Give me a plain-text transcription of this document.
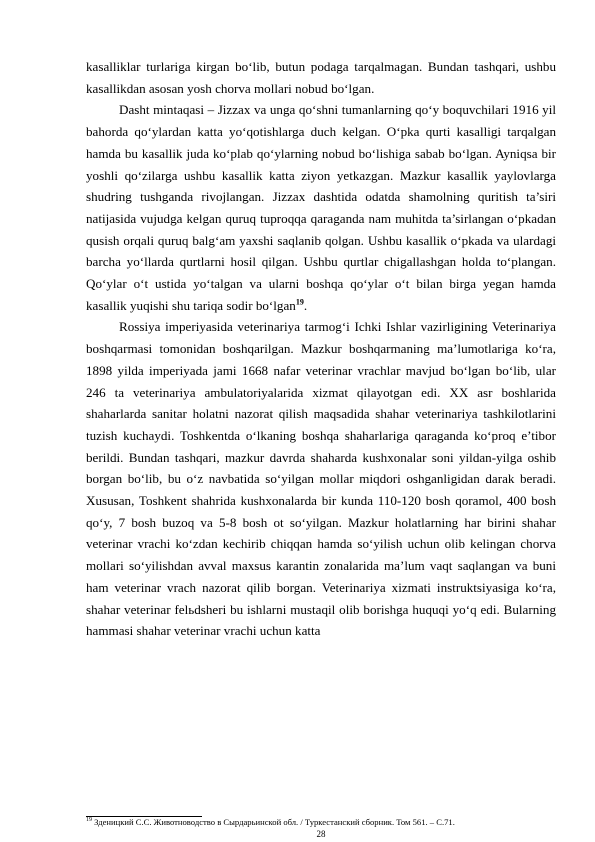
kasalliklar turlariga kirgan bo‘lib, butun podaga tarqalmagan. Bundan tashqari, ushbu kasallikdan asosan yosh chorva mollari nobud bo‘lgan.

Dasht mintaqasi – Jizzax va unga qo‘shni tumanlarning qo‘y boquvchilari 1916 yil bahorda qo‘ylardan katta yo‘qotishlarga duch kelgan. O‘pka qurti kasalligi tarqalgan hamda bu kasallik juda ko‘plab qo‘ylarning nobud bo‘lishiga sabab bo‘lgan. Ayniqsa bir yoshli qo‘zilarga ushbu kasallik katta ziyon yetkazgan. Mazkur kasallik yaylovlarga shudring tushganda rivojlangan. Jizzax dashtida odatda shamolning quritish ta’siri natijasida vujudga kelgan quruq tuproqqa qaraganda nam muhitda ta’sirlangan o‘pkadan qusish orqali quruq balg‘am yaxshi saqlanib qolgan. Ushbu kasallik o‘pkada va ulardagi barcha yo‘llarda qurtlarni hosil qilgan. Ushbu qurtlar chigallashgan holda to‘plangan. Qo‘ylar o‘t ustida yo‘talgan va ularni boshqa qo‘ylar o‘t bilan birga yegan hamda kasallik yuqishi shu tariqa sodir bo‘lgan$^{19}$.

Rossiya imperiyasida veterinariya tarmog‘i Ichki Ishlar vazirligining Veterinariya boshqarmasi tomonidan boshqarilgan. Mazkur boshqarmaning ma’lumotlariga ko‘ra, 1898 yilda imperiyada jami 1668 nafar veterinar vrachlar mavjud bo‘lgan bo‘lib, ular 246 ta veterinariya ambulatoriyalarida xizmat qilayotgan edi. XX asr boshlarida shaharlarda sanitar holatni nazorat qilish maqsadida shahar veterinariya tashkilotlarini tuzish kuchaydi. Toshkentda o‘lkaning boshqa shaharlariga qaraganda ko‘proq e’tibor berildi. Bundan tashqari, mazkur davrda shaharda kushxonalar soni yildan-yilga oshib borgan bo‘lib, bu o‘z navbatida so‘yilgan mollar miqdori oshganligidan darak beradi. Xususan, Toshkent shahrida kushxonalarda bir kunda 110-120 bosh qoramol, 400 bosh qo‘y, 7 bosh buzoq va 5-8 bosh ot so‘yilgan. Mazkur holatlarning har birini shahar veterinar vrachi ko‘zdan kechirib chiqqan hamda so‘yilish uchun olib kelingan chorva mollari so‘yilishdan avval maxsus karantin zonalarida ma’lum vaqt saqlangan va buni ham veterinar vrach nazorat qilib borgan. Veterinariya xizmati instruktsiyasiga ko‘ra, shahar veterinar felьdsheri bu ishlarni mustaqil olib borishga huquqi yo‘q edi. Bularning hammasi shahar veterinar vrachi uchun katta

$^{19}$ Зденицкий С.С. Животноводство в Сырдарьинской обл. / Туркестанский сборник. Том 561. – С.71.
28
